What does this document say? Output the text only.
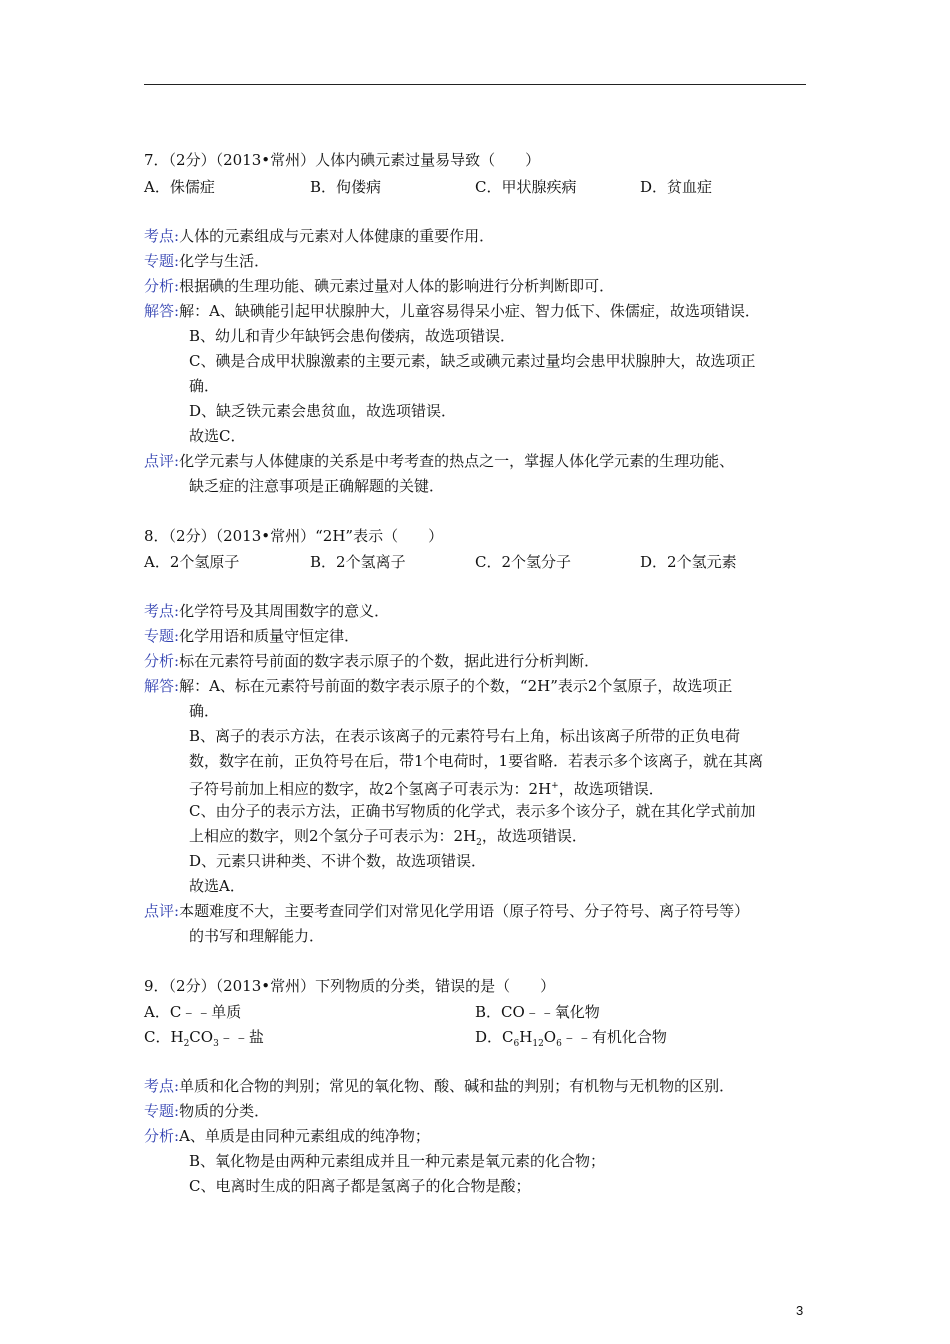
7．（2分）（2013•常州）人体内碘元素过量易导致（　　）
A．侏儒症	B．佝偻病	C．甲状腺疾病	D．贫血症
考点:人体的元素组成与元素对人体健康的重要作用．
专题:化学与生活．
分析:根据碘的生理功能、碘元素过量对人体的影响进行分析判断即可．
解答:解：A、缺碘能引起甲状腺肿大，儿童容易得呆小症、智力低下、侏儒症，故选项错误．
B、幼儿和青少年缺钙会患佝偻病，故选项错误．
C、碘是合成甲状腺激素的主要元素，缺乏或碘元素过量均会患甲状腺肿大，故选项正
确．
D、缺乏铁元素会患贫血，故选项错误．
故选C．
点评:化学元素与人体健康的关系是中考考查的热点之一，掌握人体化学元素的生理功能、
缺乏症的注意事项是正确解题的关键．
8．（2分）（2013•常州）“2H”表示（　　）
A．2个氢原子	B．2个氢离子	C．2个氢分子	D．2个氢元素
考点:化学符号及其周围数字的意义．
专题:化学用语和质量守恒定律．
分析:标在元素符号前面的数字表示原子的个数，据此进行分析判断．
解答:解：A、标在元素符号前面的数字表示原子的个数，“2H”表示2个氢原子，故选项正
确．
B、离子的表示方法，在表示该离子的元素符号右上角，标出该离子所带的正负电荷
数，数字在前，正负符号在后，带1个电荷时，1要省略．若表示多个该离子，就在其离
子符号前加上相应的数字，故2个氢离子可表示为：2H+，故选项错误．
C、由分子的表示方法，正确书写物质的化学式，表示多个该分子，就在其化学式前加
上相应的数字，则2个氢分子可表示为：$2H_2$，故选项错误．
D、元素只讲种类、不讲个数，故选项错误．
故选A．
点评:本题难度不大，主要考查同学们对常见化学用语（原子符号、分子符号、离子符号等）
的书写和理解能力．
9．（2分）（2013•常州）下列物质的分类，错误的是（　　）
A．C﹣﹣单质	B．CO﹣﹣氧化物
C．$H_2CO_3﹣﹣$盐	D．$C_6H_{12}O_6﹣﹣$有机化合物
考点:单质和化合物的判别；常见的氧化物、酸、碱和盐的判别；有机物与无机物的区别．
专题:物质的分类．
分析:A、单质是由同种元素组成的纯净物；
B、氧化物是由两种元素组成并且一种元素是氧元素的化合物；
C、电离时生成的阳离子都是氢离子的化合物是酸；
3
